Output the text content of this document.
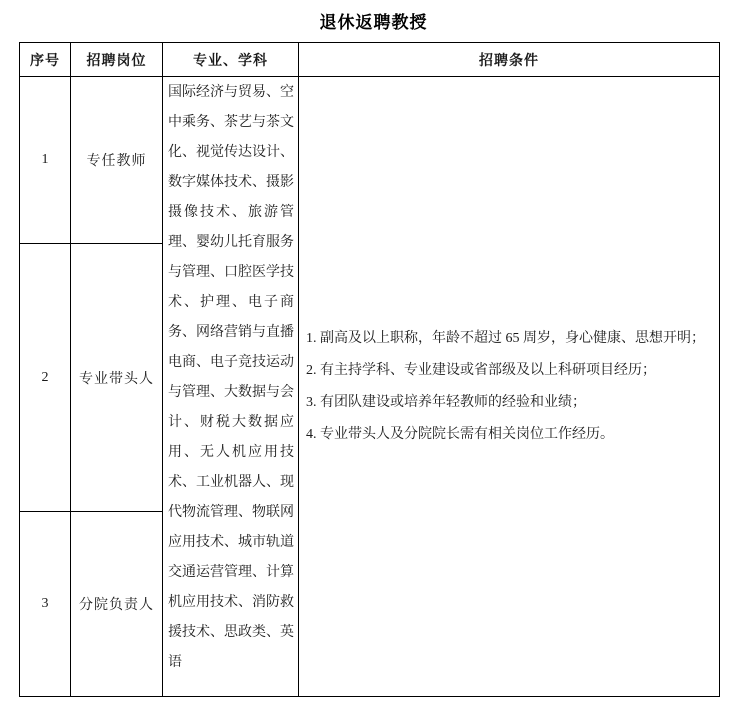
退休返聘教授
序号	招聘岗位	专业、学科	招聘条件
1	专任教师	国际经济与贸易、空中乘务、茶艺与茶文化、视觉传达设计、数字媒体技术、摄影摄像技术、旅游管理、婴幼儿托育服务与管理、口腔医学技术、护理、电子商务、网络营销与直播电商、电子竞技运动与管理、大数据与会计、财税大数据应用、无人机应用技术、工业机器人、现代物流管理、物联网应用技术、城市轨道交通运营管理、计算机应用技术、消防救援技术、思政类、英语	1. 副高及以上职称，年龄不超过 65 周岁，身心健康、思想开明；
2. 有主持学科、专业建设或省部级及以上科研项目经历；
3. 有团队建设或培养年轻教师的经验和业绩；
4. 专业带头人及分院院长需有相关岗位工作经历。

2	专业带头人		
3	分院负责人		
